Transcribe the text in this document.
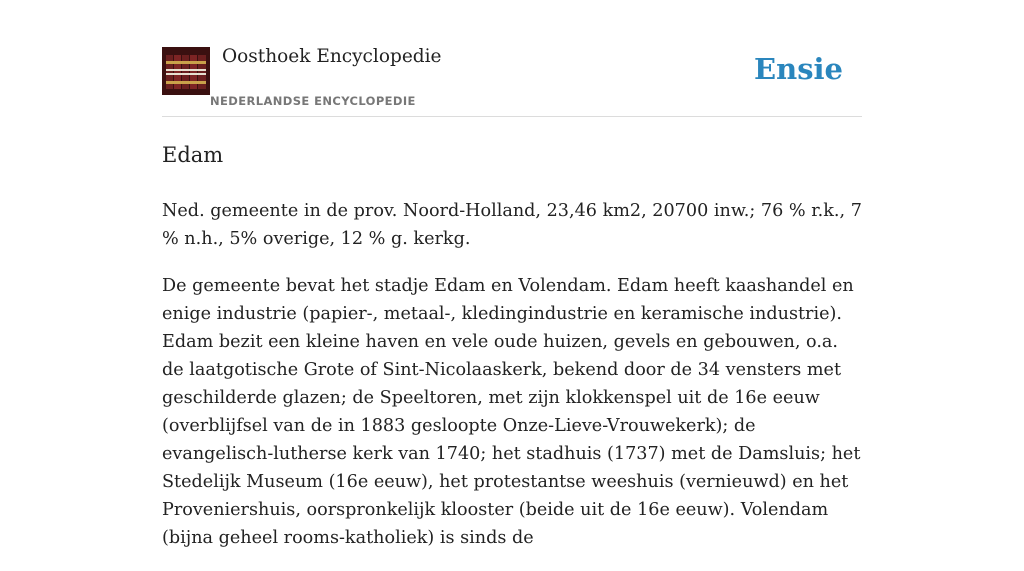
Oosthoek Encyclopedie
NEDERLANDSE ENCYCLOPEDIE
Ensie
Edam

Ned. gemeente in de prov. Noord-Holland, 23,46 km2, 20700 inw.; 76 % r.k., 7 % n.h., 5% overige, 12 % g. kerkg.

De gemeente bevat het stadje Edam en Volendam. Edam heeft kaashandel en enige industrie (papier-, metaal-, kledingindustrie en keramische industrie). Edam bezit een kleine haven en vele oude huizen, gevels en gebouwen, o.a. de laatgotische Grote of Sint-Nicolaaskerk, bekend door de 34 vensters met geschilderde glazen; de Speeltoren, met zijn klokkenspel uit de 16e eeuw (overblijfsel van de in 1883 gesloopte Onze-Lieve-Vrouwekerk); de evangelisch-lutherse kerk van 1740; het stadhuis (1737) met de Damsluis; het Stedelijk Museum (16e eeuw), het protestantse weeshuis (vernieuwd) en het Proveniershuis, oorspronkelijk klooster (beide uit de 16e eeuw). Volendam (bijna geheel rooms-katholiek) is sinds de
